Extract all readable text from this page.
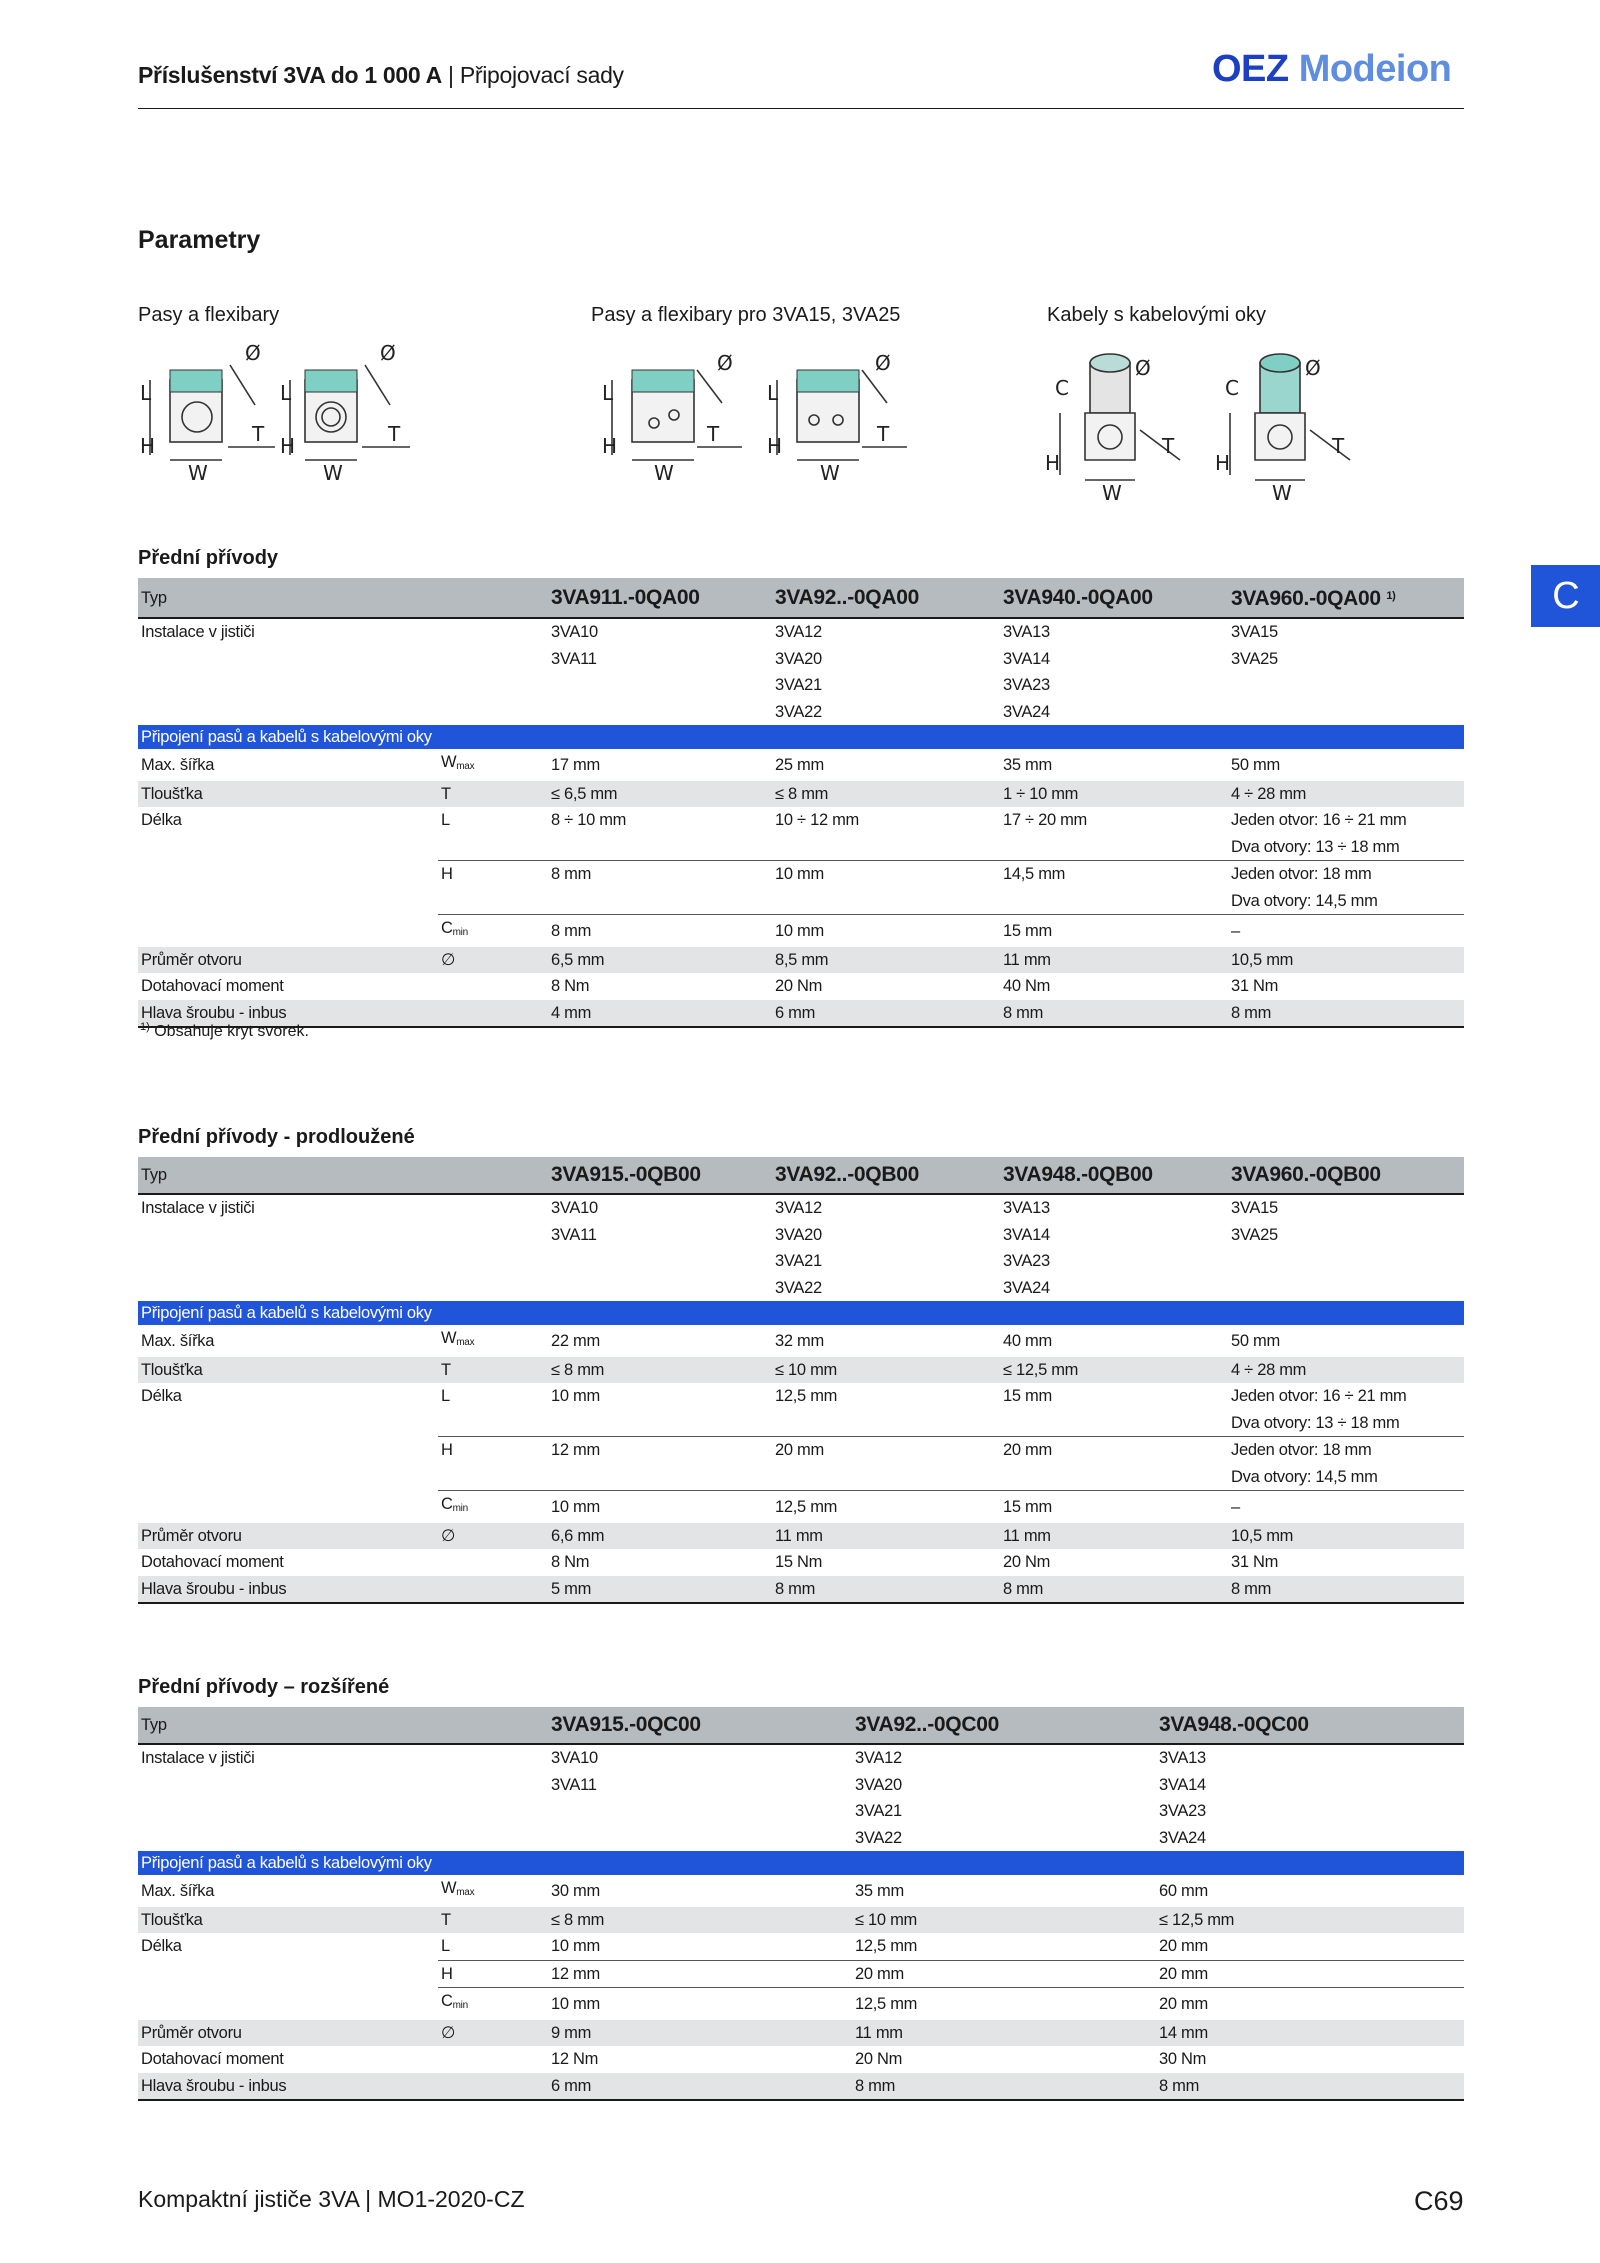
Příslušenství 3VA do 1 000 A | Připojovací sady	OEZ Modeion
C
Parametry
Pasy a flexibary	Pasy a flexibary pro 3VA15, 3VA25	Kabely s kabelovými oky
Ø
L
H
W
T
Ø
L
H
W
T
Ø
L
H
W
T
Ø
L
H
W
T
Ø
C
H
W
T
Ø
C
H
W
T
Přední přívody
Typ		3VA911.-0QA00	3VA92..-0QA00	3VA940.-0QA00	3VA960.-0QA00 $^{1)}$
Instalace v jističi		3VA10	3VA12	3VA13	3VA15
		3VA11	3VA20	3VA14	3VA25
			3VA21	3VA23	
			3VA22	3VA24	
Připojení pasů a kabelů s kabelovými oky					
Max. šířka	$W_{max}$	17 mm	25 mm	35 mm	50 mm
Tloušťka	T	≤ 6,5 mm	≤ 8 mm	1 ÷ 10 mm	4 ÷ 28 mm
Délka	L	8 ÷ 10 mm	10 ÷ 12 mm	17 ÷ 20 mm	Jeden otvor: 16 ÷ 21 mm
					Dva otvory: 13 ÷ 18 mm
	H	8 mm	10 mm	14,5 mm	Jeden otvor: 18 mm
					Dva otvory: 14,5 mm
	$C_{min}$	8 mm	10 mm	15 mm	–
Průměr otvoru	∅	6,5 mm	8,5 mm	11 mm	10,5 mm
Dotahovací moment		8 Nm	20 Nm	40 Nm	31 Nm
Hlava šroubu - inbus		4 mm	6 mm	8 mm	8 mm
$^{1)}$ Obsahuje kryt svorek.
Přední přívody - prodloužené
Typ		3VA915.-0QB00	3VA92..-0QB00	3VA948.-0QB00	3VA960.-0QB00
Instalace v jističi		3VA10	3VA12	3VA13	3VA15
		3VA11	3VA20	3VA14	3VA25
			3VA21	3VA23	
			3VA22	3VA24	
Připojení pasů a kabelů s kabelovými oky					
Max. šířka	$W_{max}$	22 mm	32 mm	40 mm	50 mm
Tloušťka	T	≤ 8 mm	≤ 10 mm	≤ 12,5 mm	4 ÷ 28 mm
Délka	L	10 mm	12,5 mm	15 mm	Jeden otvor: 16 ÷ 21 mm
					Dva otvory: 13 ÷ 18 mm
	H	12 mm	20 mm	20 mm	Jeden otvor: 18 mm
					Dva otvory: 14,5 mm
	$C_{min}$	10 mm	12,5 mm	15 mm	–
Průměr otvoru	∅	6,6 mm	11 mm	11 mm	10,5 mm
Dotahovací moment		8 Nm	15 Nm	20 Nm	31 Nm
Hlava šroubu - inbus		5 mm	8 mm	8 mm	8 mm
Přední přívody – rozšířené
Typ		3VA915.-0QC00	3VA92..-0QC00	3VA948.-0QC00
Instalace v jističi		3VA10	3VA12	3VA13
		3VA11	3VA20	3VA14
			3VA21	3VA23
			3VA22	3VA24
Připojení pasů a kabelů s kabelovými oky				
Max. šířka	$W_{max}$	30 mm	35 mm	60 mm
Tloušťka	T	≤ 8 mm	≤ 10 mm	≤ 12,5 mm
Délka	L	10 mm	12,5 mm	20 mm
	H	12 mm	20 mm	20 mm
	$C_{min}$	10 mm	12,5 mm	20 mm
Průměr otvoru	∅	9 mm	11 mm	14 mm
Dotahovací moment		12 Nm	20 Nm	30 Nm
Hlava šroubu - inbus		6 mm	8 mm	8 mm
Kompaktní jističe 3VA | MO1-2020-CZ	C69
